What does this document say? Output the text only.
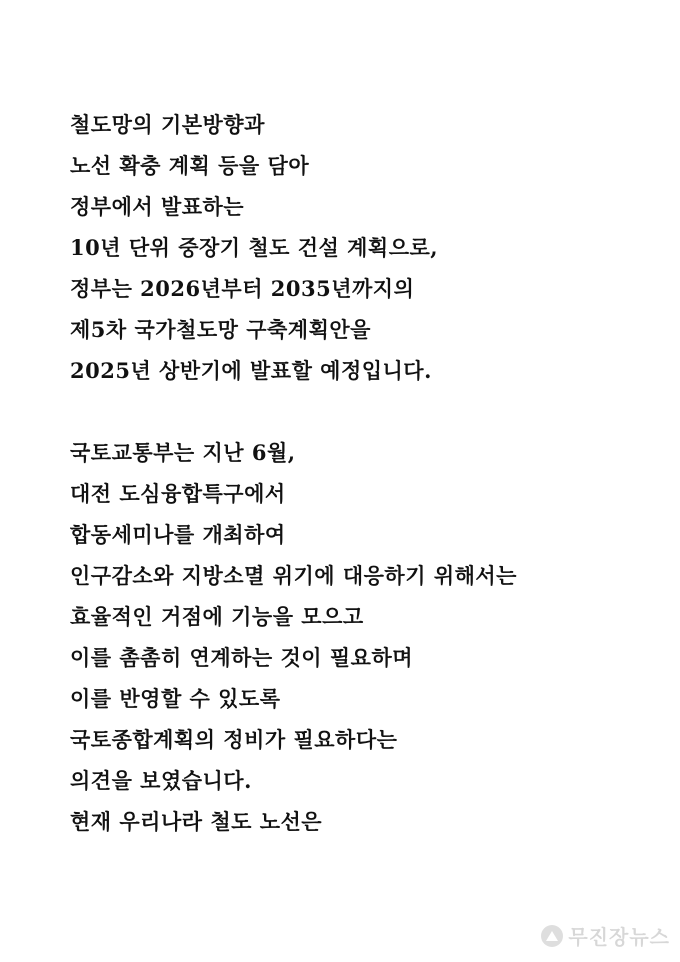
철도망의 기본방향과
노선 확충 계획 등을 담아
정부에서 발표하는
10년 단위 중장기 철도 건설 계획으로,
정부는 2026년부터 2035년까지의
제5차 국가철도망 구축계획안을
2025년 상반기에 발표할 예정입니다.
국토교통부는 지난 6월,
대전 도심융합특구에서
합동세미나를 개최하여
인구감소와 지방소멸 위기에 대응하기 위해서는
효율적인 거점에 기능을 모으고
이를 촘촘히 연계하는 것이 필요하며
이를 반영할 수 있도록
국토종합계획의 정비가 필요하다는
의견을 보였습니다.
현재 우리나라 철도 노선은
무진장뉴스
